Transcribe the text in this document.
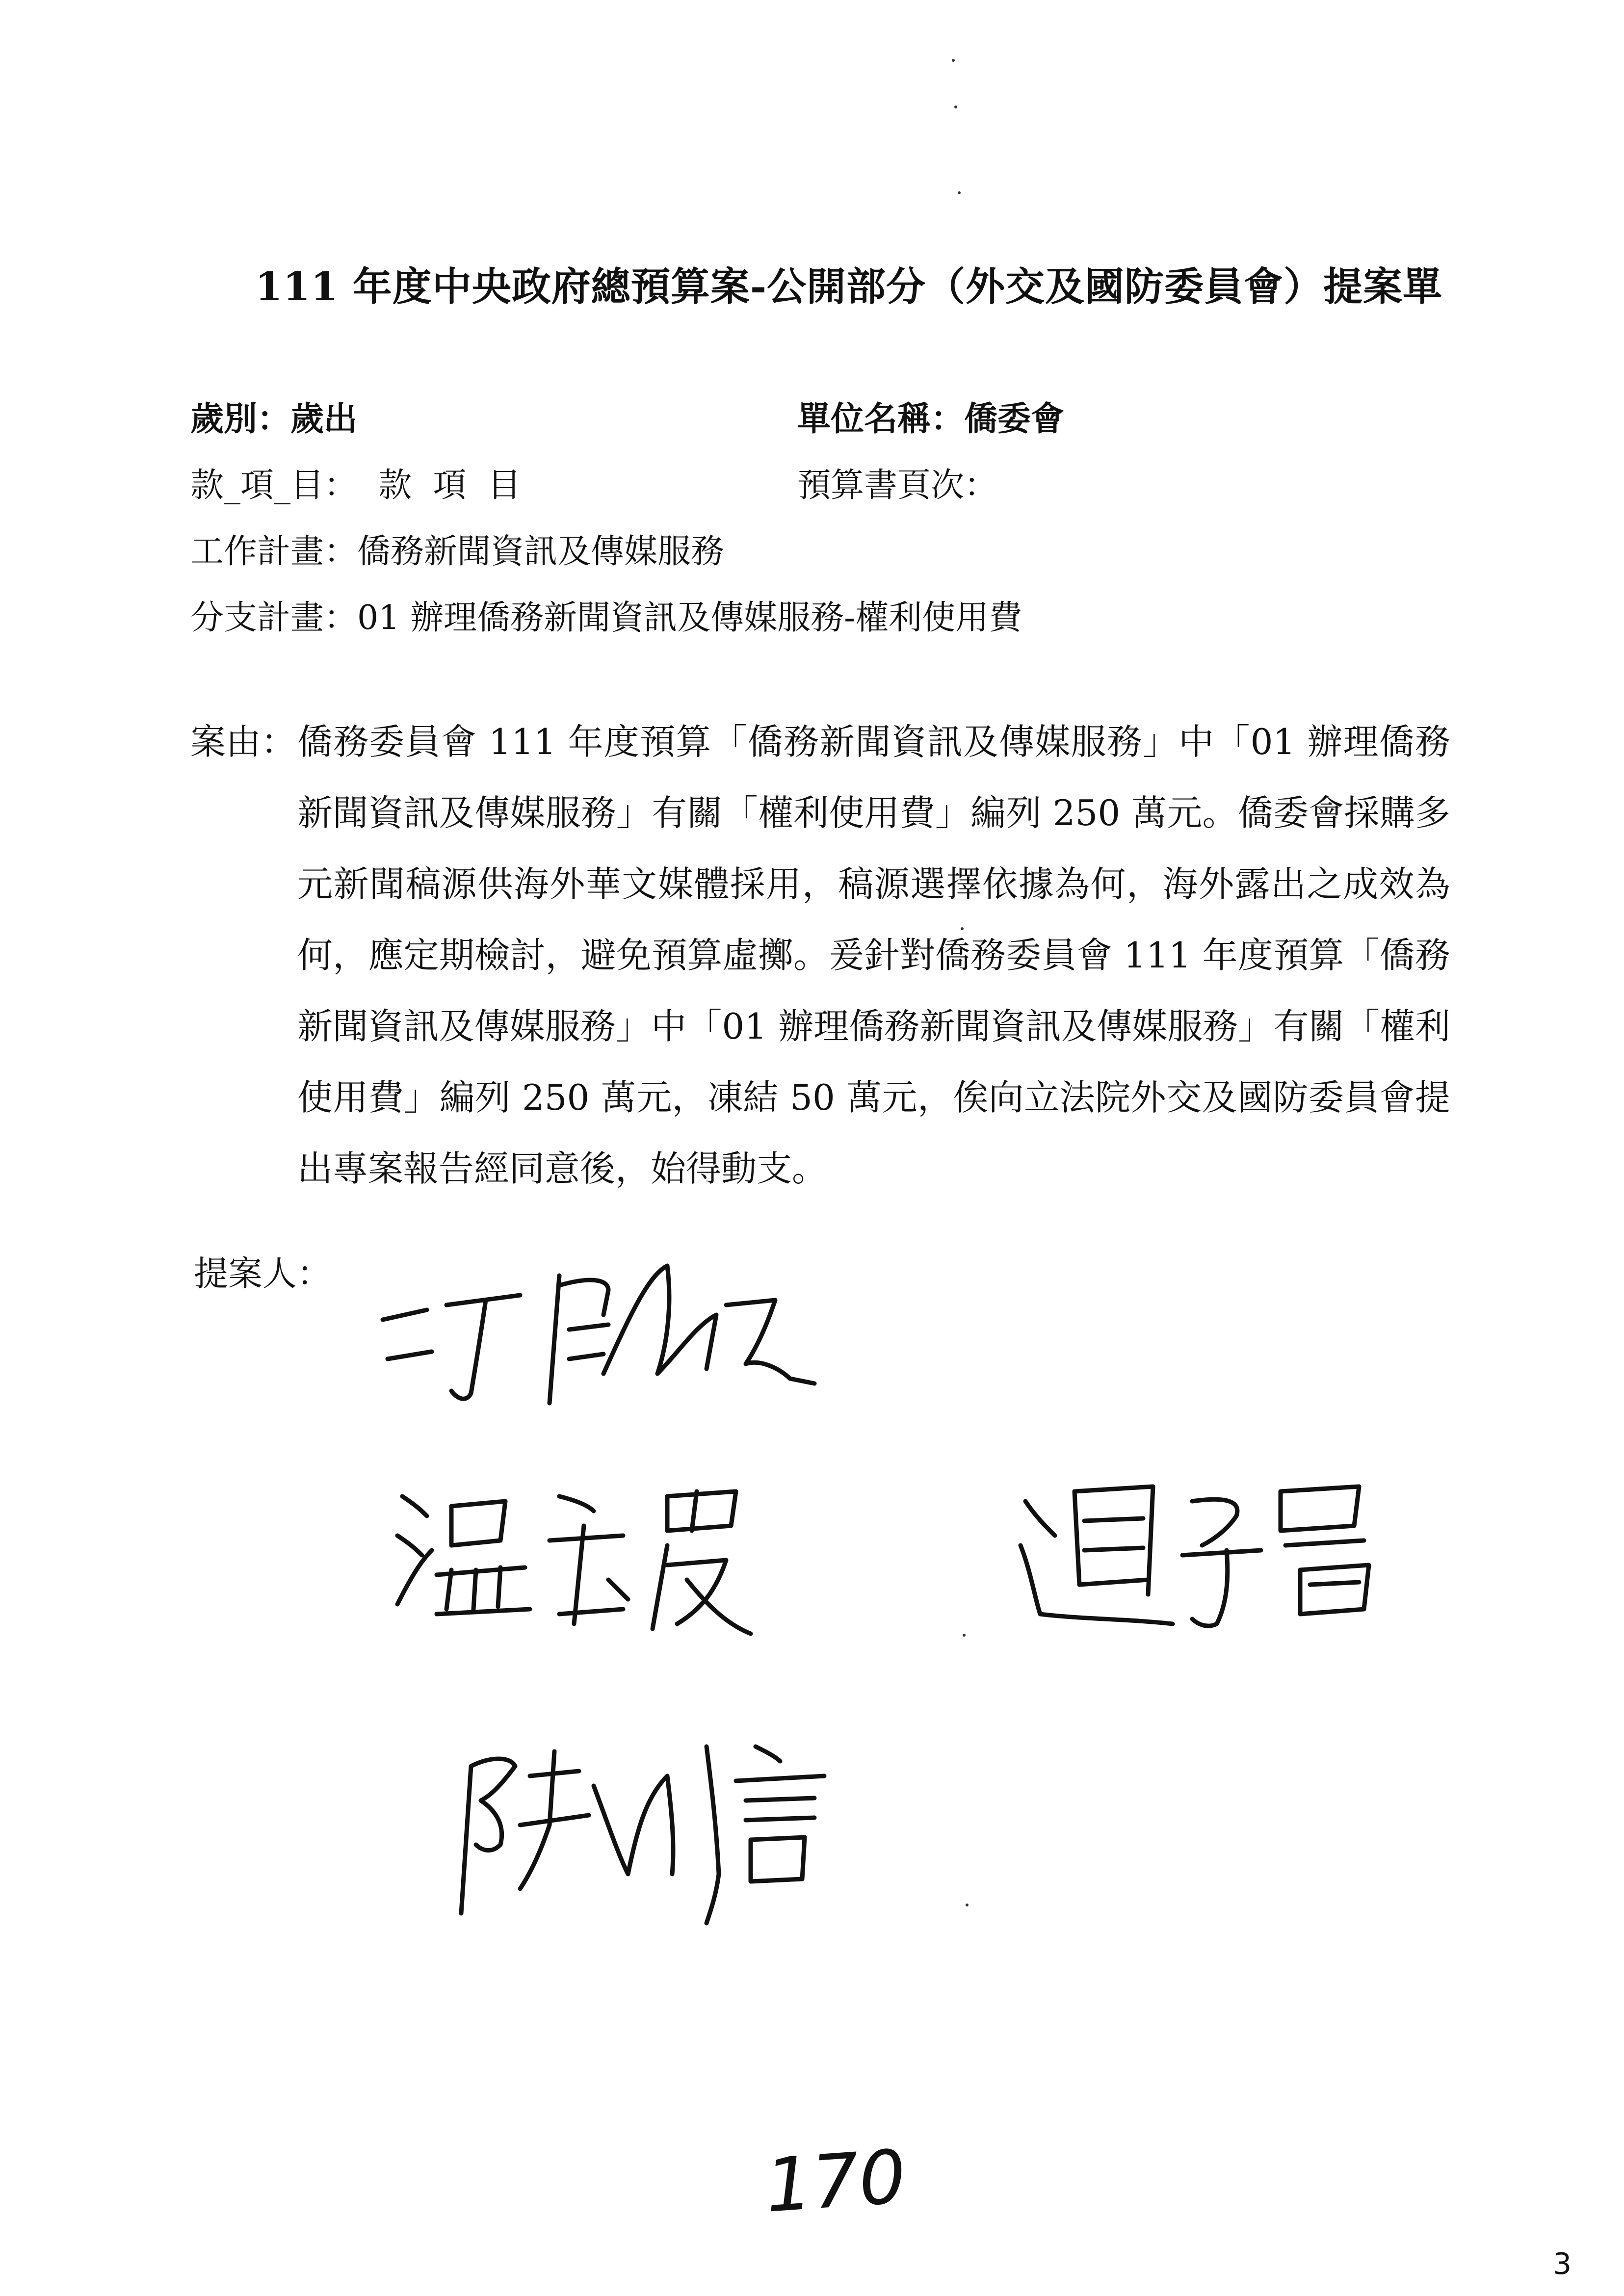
111 年度中央政府總預算案-公開部分（外交及國防委員會）提案單
歲別：歲出	單位名稱：僑委會
款_項_目：  款  項  目	預算書頁次：
工作計畫：僑務新聞資訊及傳媒服務
分支計畫：01 辦理僑務新聞資訊及傳媒服務-權利使用費
案由： 僑務委員會 111 年度預算「僑務新聞資訊及傳媒服務」中「01 辦理僑務新聞資訊及傳媒服務」有關「權利使用費」編列 250 萬元。僑委會採購多元新聞稿源供海外華文媒體採用，稿源選擇依據為何，海外露出之成效為何，應定期檢討，避免預算虛擲。爰針對僑務委員會 111 年度預算「僑務新聞資訊及傳媒服務」中「01 辦理僑務新聞資訊及傳媒服務」有關「權利使用費」編列 250 萬元，凍結 50 萬元，俟向立法院外交及國防委員會提出專案報告經同意後，始得動支。

提案人：
170
3
